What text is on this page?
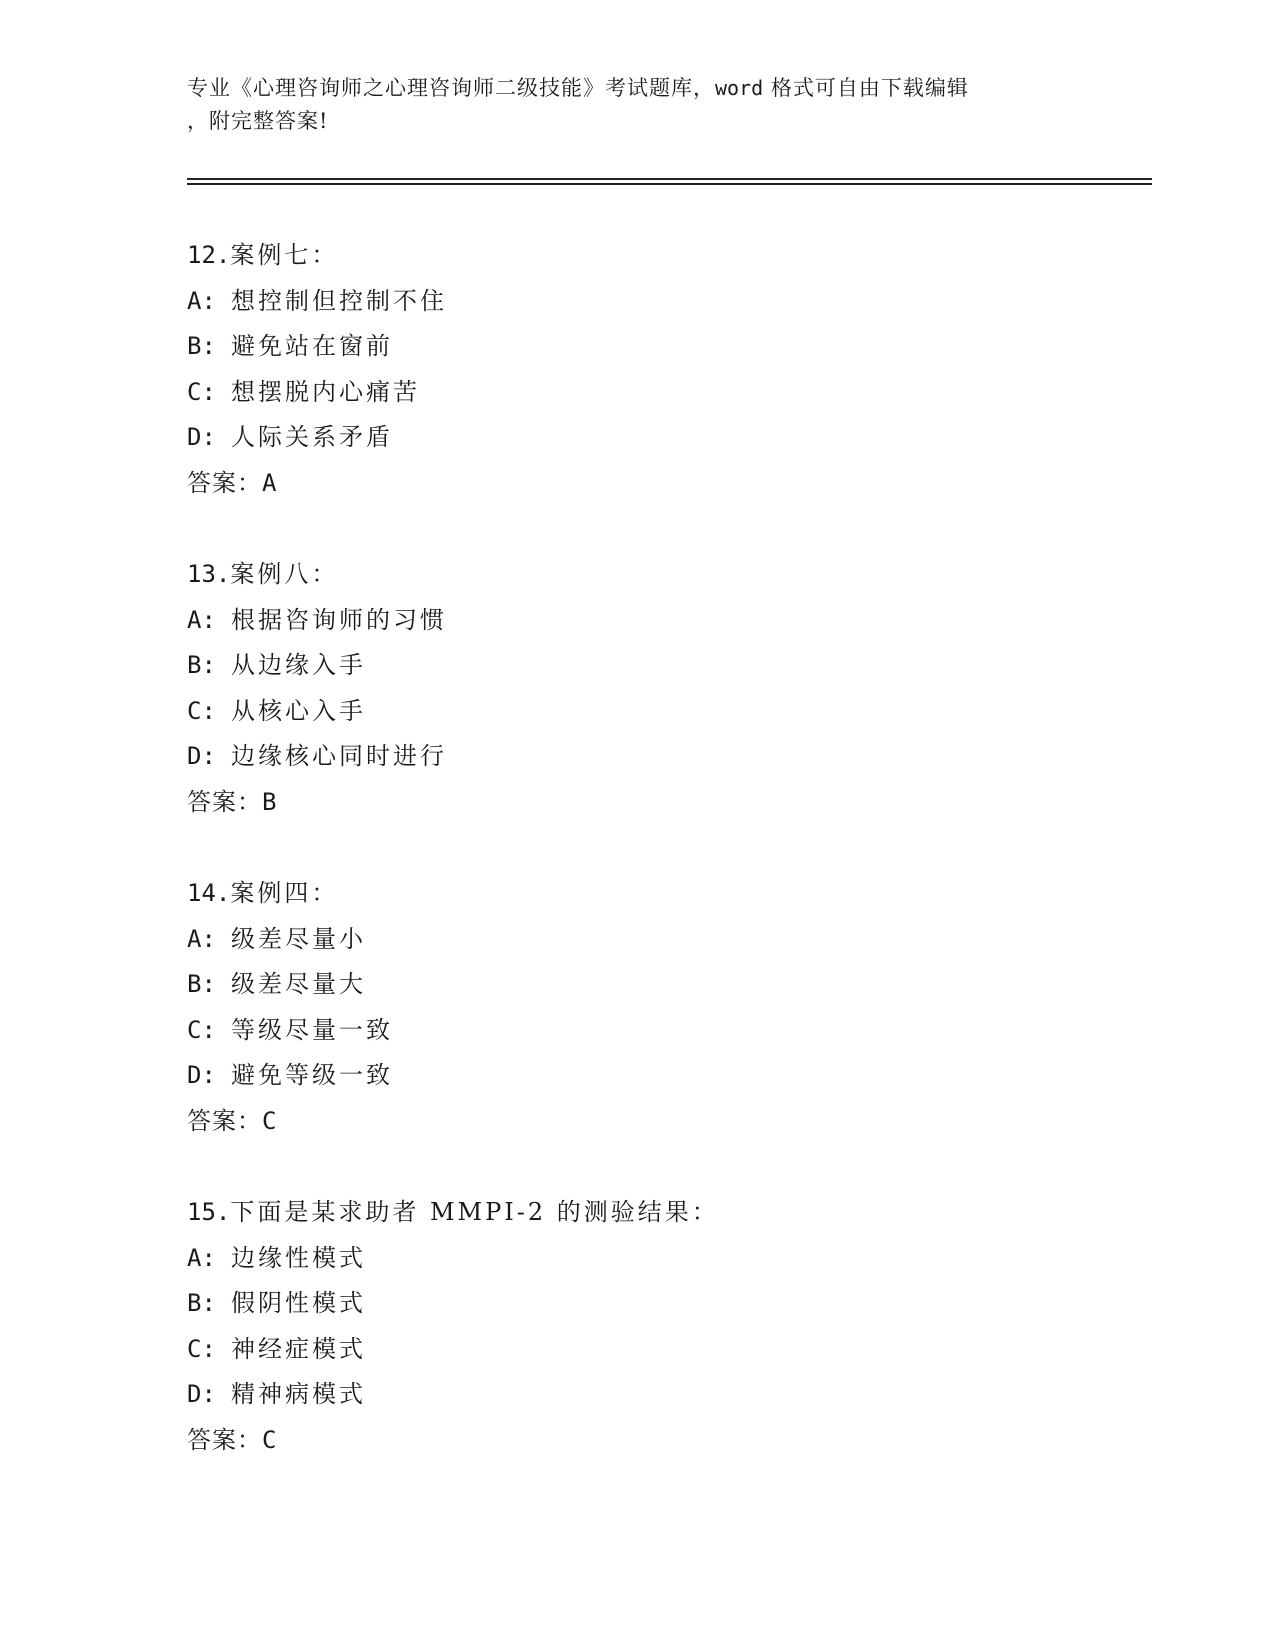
专业《心理咨询师之心理咨询师二级技能》考试题库，word 格式可自由下载编辑
，附完整答案!
12.案例七：
A: 想控制但控制不住
B: 避免站在窗前
C: 想摆脱内心痛苦
D: 人际关系矛盾
答案：A
13.案例八：
A: 根据咨询师的习惯
B: 从边缘入手
C: 从核心入手
D: 边缘核心同时进行
答案：B
14.案例四：
A: 级差尽量小
B: 级差尽量大
C: 等级尽量一致
D: 避免等级一致
答案：C
15.下面是某求助者 MMPI-2 的测验结果：
A: 边缘性模式
B: 假阴性模式
C: 神经症模式
D: 精神病模式
答案：C
